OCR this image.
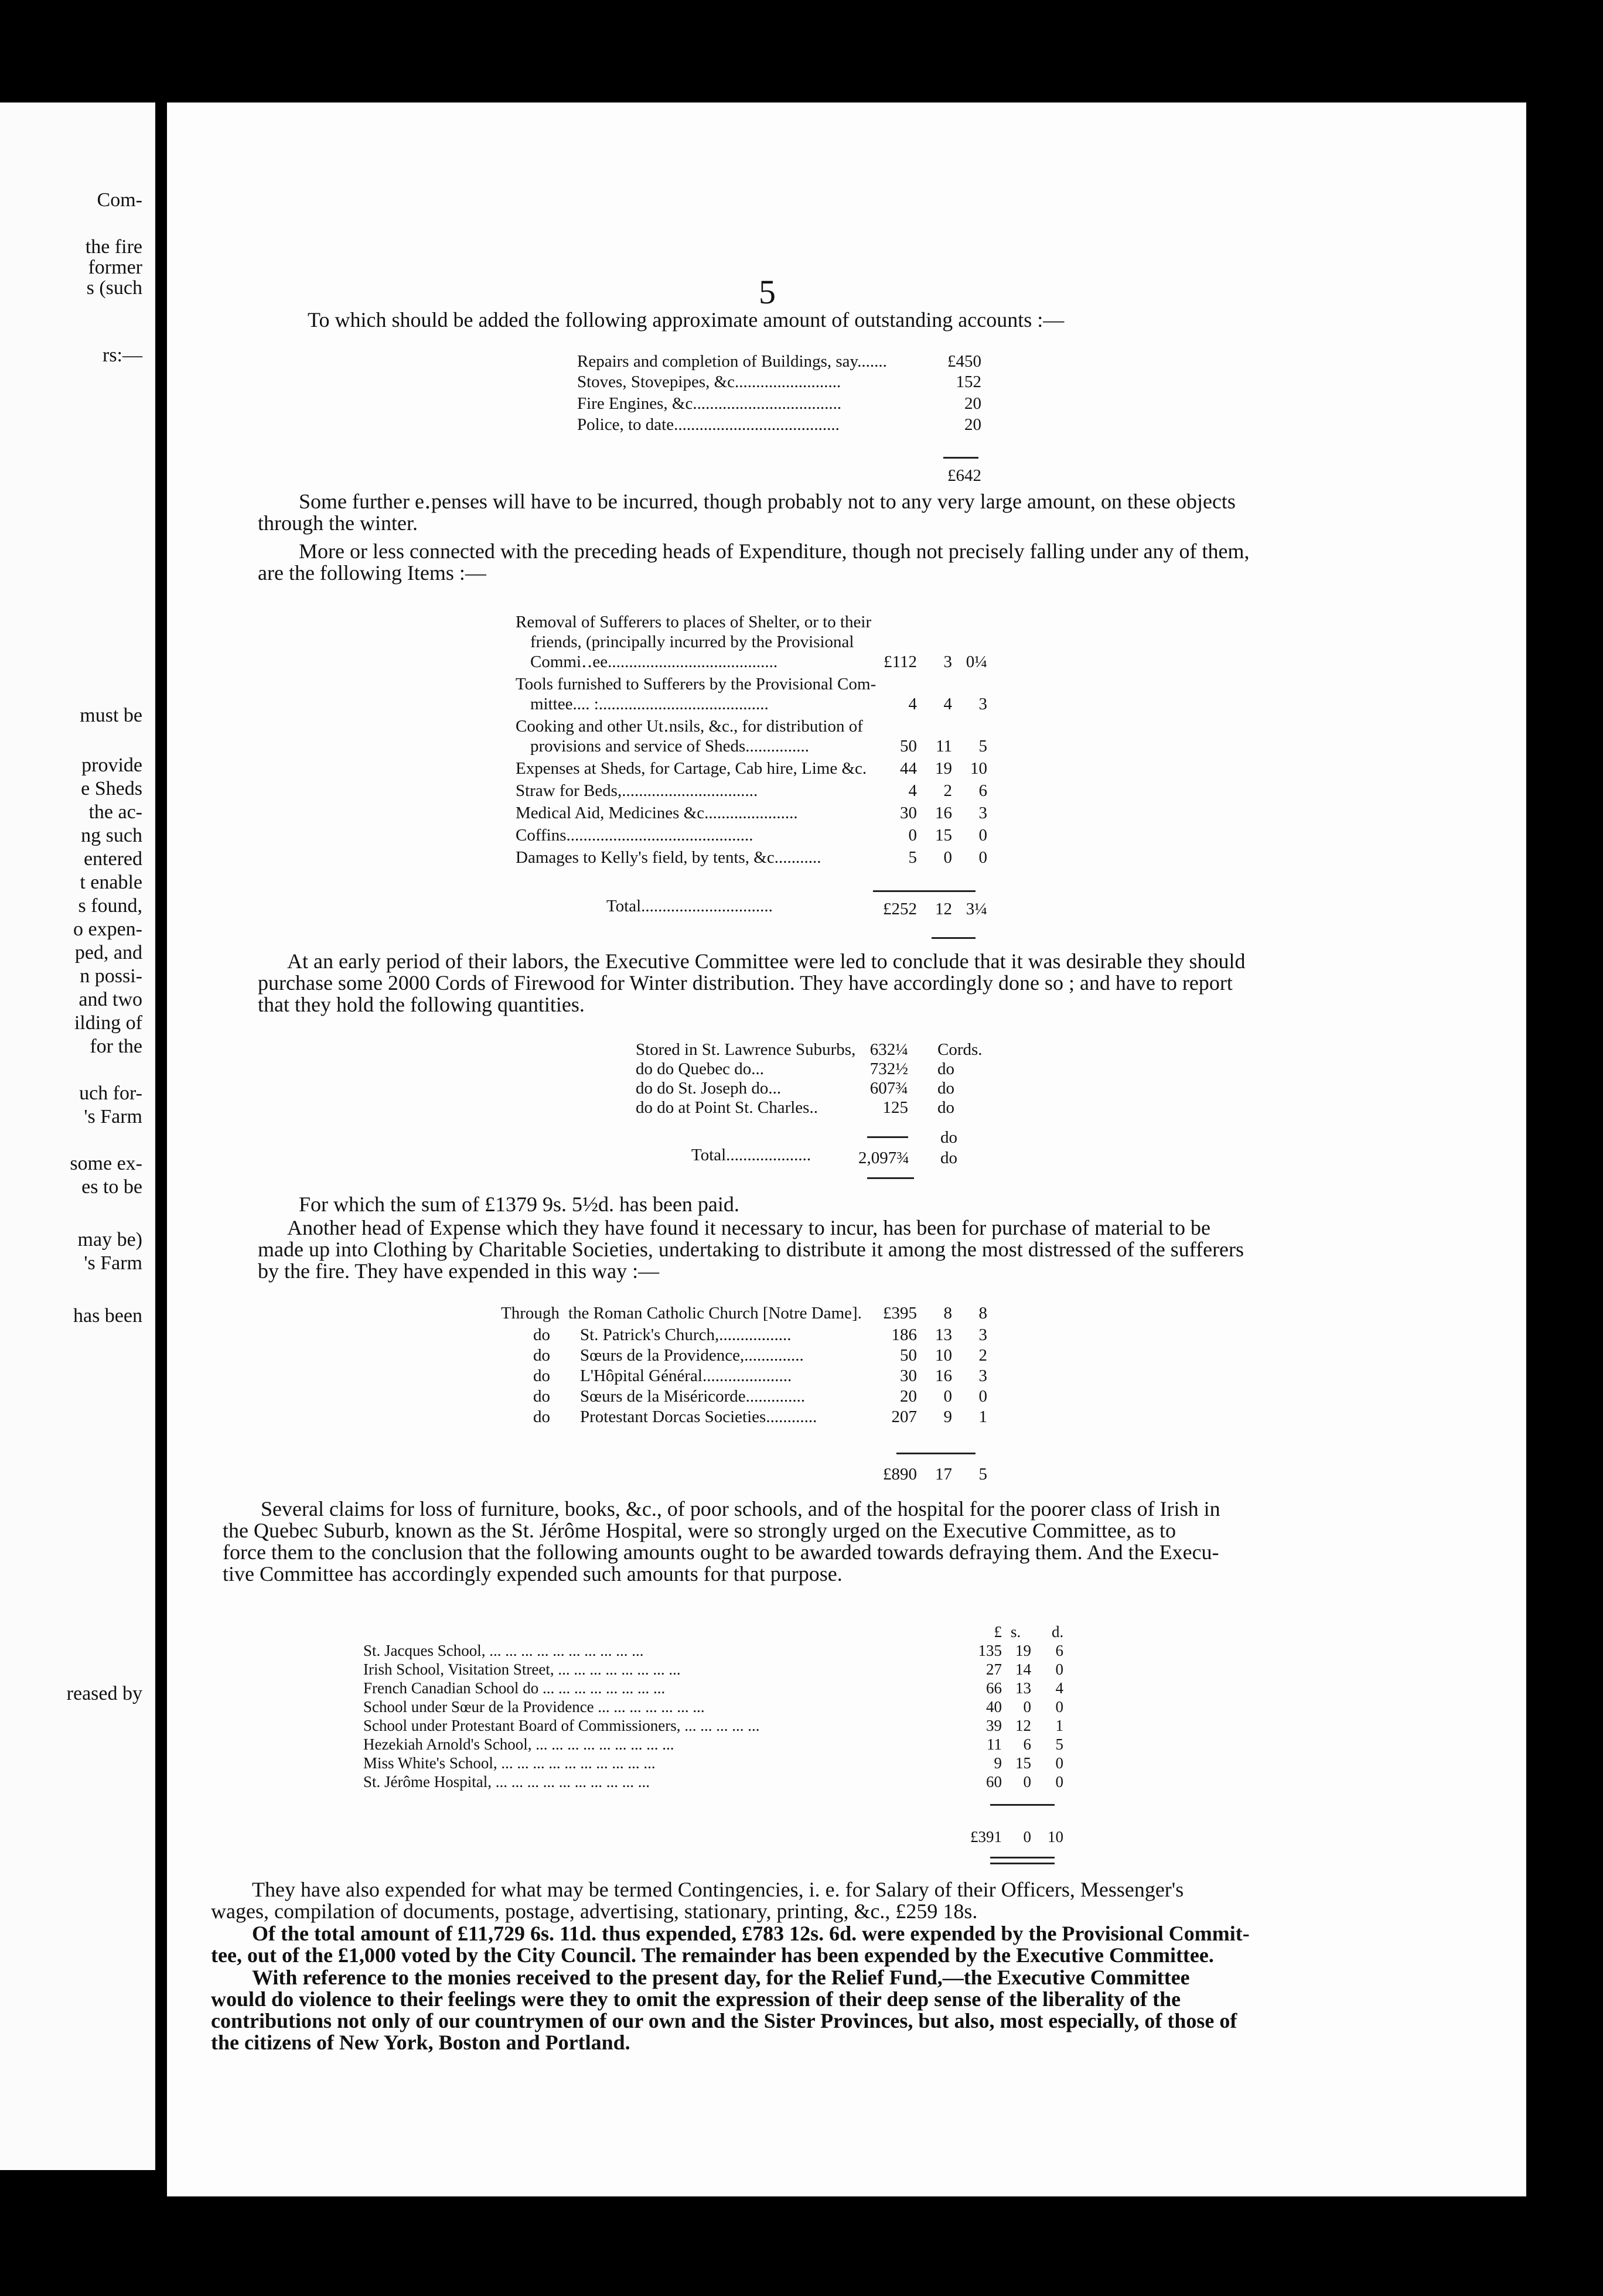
Com-
the fire
former
s (such
rs:—
must be
provide
e Sheds
the ac-
ng such
entered
t enable
s found,
o expen-
ped, and
n possi-
and two
ilding of
for the
uch for-
's Farm
some ex-
es to be
may be)
's Farm
has been
reased by
5
To which should be added the following approximate amount of outstanding accounts :—
Repairs and completion of Buildings, say.......	£450
Stoves, Stovepipes, &c.........................	152
Fire Engines, &c...................................	20
Police, to date.......................................	20
£642
Some further e․penses will have to be incurred, though probably not to any very large amount, on these objects
through the winter.
More or less connected with the preceding heads of Expenditure, though not precisely falling under any of them,
are the following Items :—
Removal of Sufferers to places of Shelter, or to their
friends, (principally incurred by the Provisional
Commi․․ee........................................	£112	3 0¼
Tools furnished to Sufferers by the Provisional Com-
mittee.... :........................................	4	4	3
Cooking and other Ut․nsils, &c., for distribution of
provisions and service of Sheds...............	50	11	5
Expenses at Sheds, for Cartage, Cab hire, Lime &c.	44	19	10
Straw for Beds,................................	4	2	6
Medical Aid, Medicines &c......................	30	16	3
Coffins............................................	0	15	0
Damages to Kelly's field, by tents, &c...........	5	0	0
Total...............................	£252	12 3¼
At an early period of their labors, the Executive Committee were led to conclude that it was desirable they should
purchase some 2000 Cords of Firewood for Winter distribution. They have accordingly done so ; and have to report
that they hold the following quantities.
Stored in St. Lawrence Suburbs, 632¼ Cords.
do do Quebec do...	732½ do
do do St. Joseph do...	607¾ do
do do at Point St. Charles..	125 do
do
Total....................	2,097¾ do
For which the sum of £1379 9s. 5½d. has been paid.
Another head of Expense which they have found it necessary to incur, has been for purchase of material to be
made up into Clothing by Charitable Societies, undertaking to distribute it among the most distressed of the sufferers
by the fire. They have expended in this way :—
Through the Roman Catholic Church [Notre Dame].	£395	8	8
do St. Patrick's Church,.................	186	13	3
do Sœurs de la Providence,..............	50	10	2
do L'Hôpital Général.....................	30	16	3
do Sœurs de la Miséricorde..............	20	0	0
do Protestant Dorcas Societies............	207	9	1
£890	17	5
Several claims for loss of furniture, books, &c., of poor schools, and of the hospital for the poorer class of Irish in
the Quebec Suburb, known as the St. Jérôme Hospital, were so strongly urged on the Executive Committee, as to
force them to the conclusion that the following amounts ought to be awarded towards defraying them. And the Execu-
tive Committee has accordingly expended such amounts for that purpose.
£ s. d.
St. Jacques School, ... ... ... ... ... ... ... ... ... ...	135 19	6
Irish School, Visitation Street, ... ... ... ... ... ... ... ...	27 14	0
French Canadian School do ... ... ... ... ... ... ... ...	66 13	4
School under Sœur de la Providence ... ... ... ... ... ... ...	40	0	0
School under Protestant Board of Commissioners, ... ... ... ... ...	39 12	1
Hezekiah Arnold's School, ... ... ... ... ... ... ... ... ...	11	6	5
Miss White's School, ... ... ... ... ... ... ... ... ... ...	9 15	0
St. Jérôme Hospital, ... ... ... ... ... ... ... ... ... ...	60	0	0
£391	0	10
They have also expended for what may be termed Contingencies, i. e. for Salary of their Officers, Messenger's
wages, compilation of documents, postage, advertising, stationary, printing, &c., £259 18s.
Of the total amount of £11,729 6s. 11d. thus expended, £783 12s. 6d. were expended by the Provisional Commit-
tee, out of the £1,000 voted by the City Council. The remainder has been expended by the Executive Committee.
With reference to the monies received to the present day, for the Relief Fund,—the Executive Committee
would do violence to their feelings were they to omit the expression of their deep sense of the liberality of the
contributions not only of our countrymen of our own and the Sister Provinces, but also, most especially, of those of
the citizens of New York, Boston and Portland.
